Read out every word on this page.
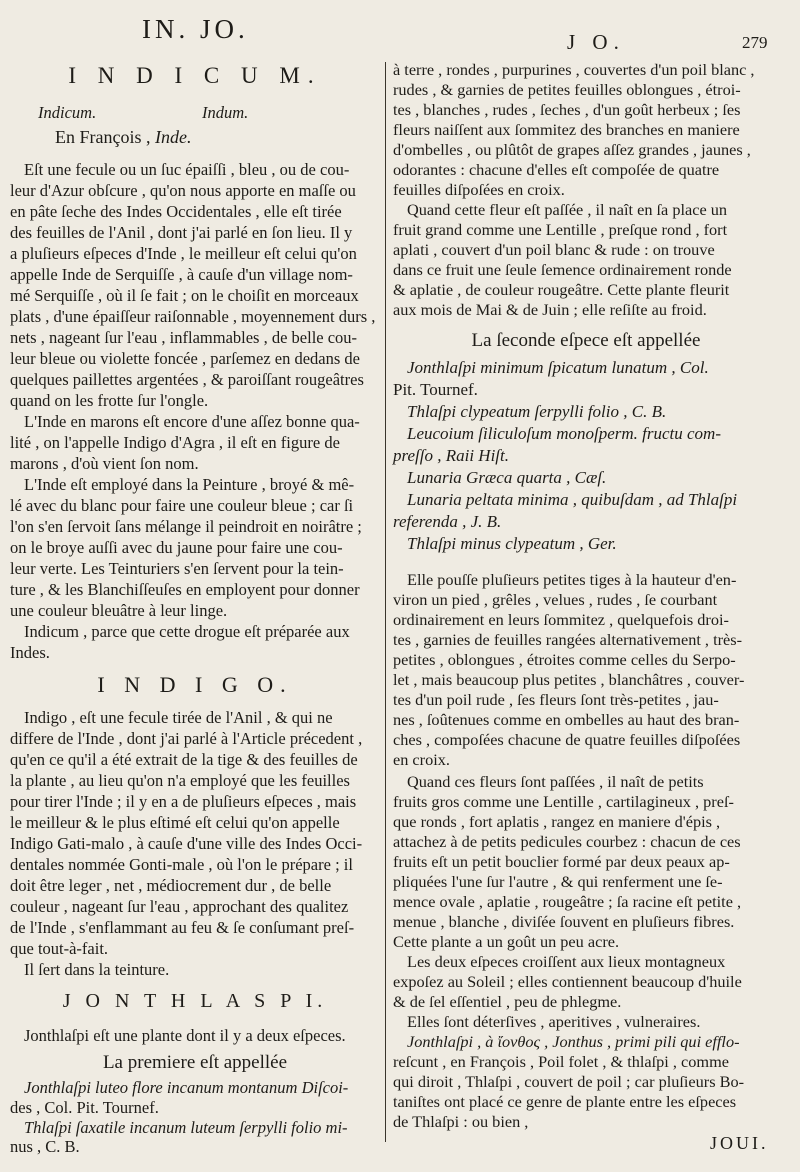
IN. JO.	J O.	279
I N D I C U M.
Indicum.	Indum.
En François , Inde.
Eſt une fecule ou un ſuc épaiſſi , bleu , ou de cou-
leur d'Azur obſcure , qu'on nous apporte en maſſe ou
en pâte ſeche des Indes Occidentales , elle eſt tirée
des feuilles de l'Anil , dont j'ai parlé en ſon lieu. Il y
a pluſieurs eſpeces d'Inde , le meilleur eſt celui qu'on
appelle Inde de Serquiſſe , à cauſe d'un village nom-
mé Serquiſſe , où il ſe fait ; on le choiſit en morceaux
plats , d'une épaiſſeur raiſonnable , moyennement durs ,
nets , nageant ſur l'eau , inflammables , de belle cou-
leur bleue ou violette foncée , parſemez en dedans de
quelques paillettes argentées , & paroiſſant rougeâtres
quand on les frotte ſur l'ongle.
L'Inde en marons eſt encore d'une aſſez bonne qua-
lité , on l'appelle Indigo d'Agra , il eſt en figure de
marons , d'où vient ſon nom.
L'Inde eſt employé dans la Peinture , broyé & mê-
lé avec du blanc pour faire une couleur bleue ; car ſi
l'on s'en ſervoit ſans mélange il peindroit en noirâtre ;
on le broye auſſi avec du jaune pour faire une cou-
leur verte. Les Teinturiers s'en ſervent pour la tein-
ture , & les Blanchiſſeuſes en employent pour donner
une couleur bleuâtre à leur linge.
Indicum , parce que cette drogue eſt préparée aux
Indes.
I N D I G O.
Indigo , eſt une fecule tirée de l'Anil , & qui ne
differe de l'Inde , dont j'ai parlé à l'Article précedent ,
qu'en ce qu'il a été extrait de la tige & des feuilles de
la plante , au lieu qu'on n'a employé que les feuilles
pour tirer l'Inde ; il y en a de pluſieurs eſpeces , mais
le meilleur & le plus eſtimé eſt celui qu'on appelle
Indigo Gati-malo , à cauſe d'une ville des Indes Occi-
dentales nommée Gonti-male , où l'on le prépare ; il
doit être leger , net , médiocrement dur , de belle
couleur , nageant ſur l'eau , approchant des qualitez
de l'Inde , s'enflammant au feu & ſe conſumant preſ-
que tout-à-fait.
Il ſert dans la teinture.
J O N T H L A S P I.
Jonthlaſpi eſt une plante dont il y a deux eſpeces.
La premiere eſt appellée
Jonthlaſpi luteo flore incanum montanum Diſcoi-
des , Col. Pit. Tournef.
Thlaſpi ſaxatile incanum luteum ſerpylli folio mi-
nus , C. B.
à terre , rondes , purpurines , couvertes d'un poil blanc ,
rudes , & garnies de petites feuilles oblongues , étroi-
tes , blanches , rudes , ſeches , d'un goût herbeux ; ſes
fleurs naiſſent aux ſommitez des branches en maniere
d'ombelles , ou plûtôt de grapes aſſez grandes , jaunes ,
odorantes : chacune d'elles eſt compoſée de quatre
feuilles diſpoſées en croix.
Quand cette fleur eſt paſſée , il naît en ſa place un
fruit grand comme une Lentille , preſque rond , fort
aplati , couvert d'un poil blanc & rude : on trouve
dans ce fruit une ſeule ſemence ordinairement ronde
& aplatie , de couleur rougeâtre. Cette plante fleurit
aux mois de Mai & de Juin ; elle reſiſte au froid.
La ſeconde eſpece eſt appellée
Jonthlaſpi minimum ſpicatum lunatum , Col.
Pit. Tournef.
Thlaſpi clypeatum ſerpylli folio , C. B.
Leucoium ſiliculoſum monoſperm. fructu com-
preſſo , Raii Hiſt.
Lunaria Græca quarta , Cæſ.
Lunaria peltata minima , quibuſdam , ad Thlaſpi
referenda , J. B.
Thlaſpi minus clypeatum , Ger.
Elle pouſſe pluſieurs petites tiges à la hauteur d'en-
viron un pied , grêles , velues , rudes , ſe courbant
ordinairement en leurs ſommitez , quelquefois droi-
tes , garnies de feuilles rangées alternativement , très-
petites , oblongues , étroites comme celles du Serpo-
let , mais beaucoup plus petites , blanchâtres , couver-
tes d'un poil rude , ſes fleurs ſont très-petites , jau-
nes , ſoûtenues comme en ombelles au haut des bran-
ches , compoſées chacune de quatre feuilles diſpoſées
en croix.
Quand ces fleurs ſont paſſées , il naît de petits
fruits gros comme une Lentille , cartilagineux , preſ-
que ronds , fort aplatis , rangez en maniere d'épis ,
attachez à de petits pedicules courbez : chacun de ces
fruits eſt un petit bouclier formé par deux peaux ap-
pliquées l'une ſur l'autre , & qui renferment une ſe-
mence ovale , aplatie , rougeâtre ; ſa racine eſt petite ,
menue , blanche , diviſée ſouvent en pluſieurs fibres.
Cette plante a un goût un peu acre.
Les deux eſpeces croiſſent aux lieux montagneux
expoſez au Soleil ; elles contiennent beaucoup d'huile
& de ſel eſſentiel , peu de phlegme.
Elles ſont déterſives , aperitives , vulneraires.
Jonthlaſpi , à ἴονθος , Jonthus , primi pili qui efflo-
reſcunt , en François , Poil folet , & thlaſpi , comme
qui diroit , Thlaſpi , couvert de poil ; car pluſieurs Bo-
taniſtes ont placé ce genre de plante entre les eſpeces
de Thlaſpi : ou bien ,
JOUI.
